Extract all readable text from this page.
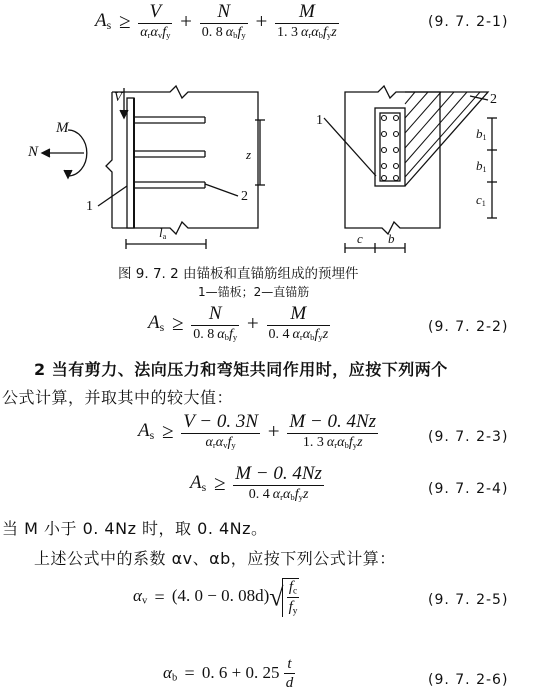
$A_s \ge \frac{V}{\alpha_r\alpha_vf_y} + \frac{N}{0. 8 \alpha_bf_y} + \frac{M}{1. 3 \alpha_r\alpha_bf_yz}$	(9. 7. 2-1)
M
V
N	z
1
2
$l_a$
1
2
$b_1$
$b_1$
$c_1$
c b
图 9. 7. 2 由锚板和直锚筋组成的预埋件
1—锚板；2—直锚筋
$A_s \ge \frac{N}{0. 8 \alpha_bf_y} + \frac{M}{0. 4 \alpha_r\alpha_bf_yz}$	(9. 7. 2-2)
2 当有剪力、法向压力和弯矩共同作用时，应按下列两个
公式计算，并取其中的较大值：
$A_s \ge \frac{V - 0. 3N}{\alpha_r\alpha_vf_y} + \frac{M - 0. 4Nz}{1. 3 \alpha_r\alpha_bf_yz}$	(9. 7. 2-3)
$A_s \ge \frac{M - 0. 4Nz}{0. 4 \alpha_r\alpha_bf_yz}$	(9. 7. 2-4)
当 M 小于 0. 4Nz 时，取 0. 4Nz。
上述公式中的系数 αv、αb，应按下列公式计算：
$\alpha_v = (4$. 0 − 0. $08d)√ \frac{f_c}{f_y}$	(9. 7. 2-5)
$\alpha_b = 0$. 6 + 0. $25 \frac{t}{d}$	(9. 7. 2-6)
